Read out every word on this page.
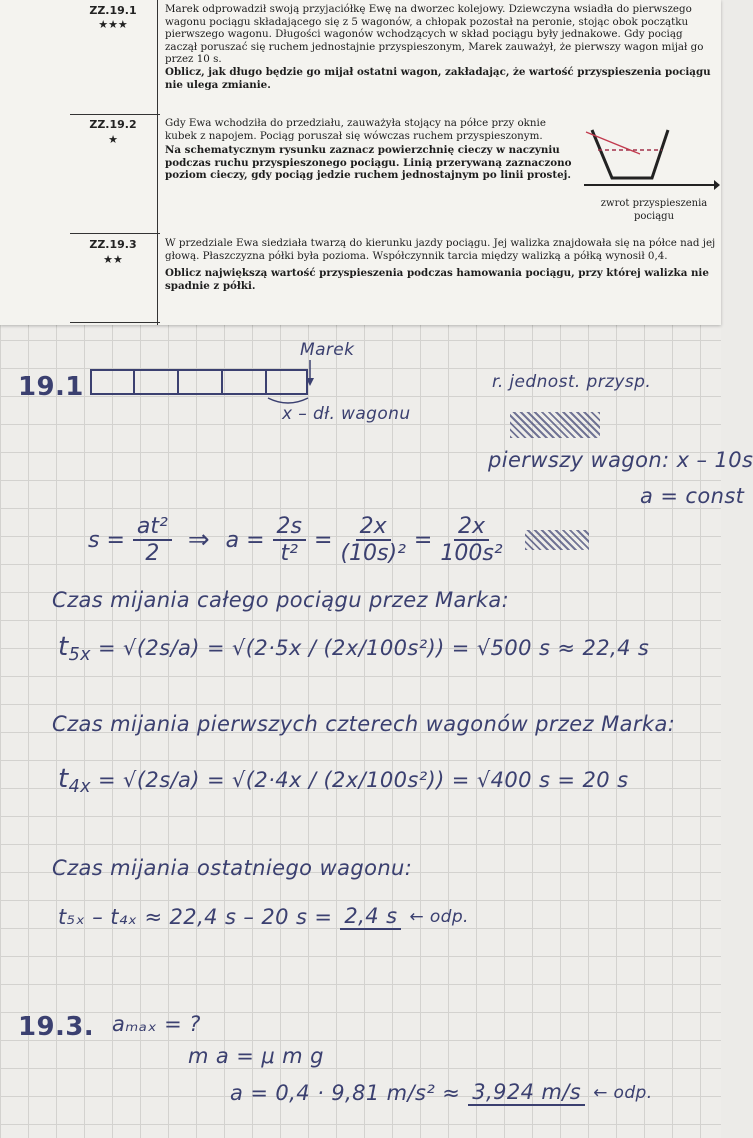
ZZ.19.1
★★★
Marek odprowadził swoją przyjaciółkę Ewę na dworzec kolejowy. Dziewczyna wsiadła do pierwszego wagonu pociągu składającego się z 5 wagonów, a chłopak pozostał na peronie, stojąc obok początku pierwszego wagonu. Długości wagonów wchodzących w skład pociągu były jednakowe. Gdy pociąg zaczął poruszać się ruchem jednostajnie przyspieszonym, Marek zauważył, że pierwszy wagon mijał go przez 10 s.
Oblicz, jak długo będzie go mijał ostatni wagon, zakładając, że wartość przyspieszenia pociągu nie ulega zmianie.
ZZ.19.2
★
Gdy Ewa wchodziła do przedziału, zauważyła stojący na półce przy oknie kubek z napojem. Pociąg poruszał się wówczas ruchem przyspieszonym.
Na schematycznym rysunku zaznacz powierzchnię cieczy w naczyniu podczas ruchu przyspieszonego pociągu. Linią przerywaną zaznaczono poziom cieczy, gdy pociąg jedzie ruchem jednostajnym po linii prostej.
zwrot przyspieszenia pociągu
ZZ.19.3
★★
W przedziale Ewa siedziała twarzą do kierunku jazdy pociągu. Jej walizka znajdowała się na półce nad jej głową. Płaszczyzna półki była pozioma. Współczynnik tarcia między walizką a półką wynosił 0,4.
Oblicz największą wartość przyspieszenia podczas hamowania pociągu, przy której walizka nie spadnie z półki.
19.1
Marek
x – dł. wagonu
r. jednost. przysp.
pierwszy wagon: x – 10s
a = const
$s = \frac{\text{at²}}{2}$ ⇒ $a = \frac{2s}{\text{t²}} = \frac{2x}{\text{(10s)²}} = \frac{2x}{\text{100s²}}$
Czas mijania całego pociągu przez Marka:
$t_{5x} = √(2s/a) = √(2\cdot 5x / (2x/100s^2)) = √500$ s ≈ 22,4 s
Czas mijania pierwszych czterech wagonów przez Marka:
$t_{4x} = √(2s/a) = √(2\cdot 4x / (2x/100s^2)) = √400$ s = 20 s
Czas mijania ostatniego wagonu:
t₅ₓ – t₄ₓ ≈ 22,4 s – 20 s = 2,4 s ← odp.
19.3. aₘₐₓ = ?
m a = μ m g
a = 0,4 · 9,81 m/s² ≈ 3,924 m/s ← odp.
